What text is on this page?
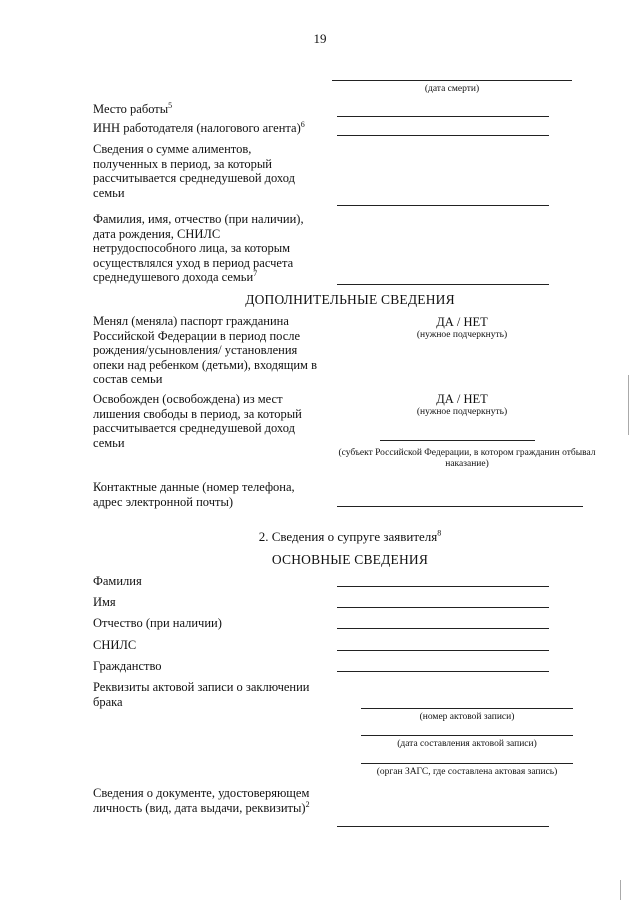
19
(дата смерти)
Место работы$^5$
ИНН работодателя (налогового агента)$^6$
Сведения о сумме алиментов, полученных в период, за который рассчитывается среднедушевой доход семьи
Фамилия, имя, отчество (при наличии), дата рождения, СНИЛС нетрудоспособного лица, за которым осуществлялся уход в период расчета среднедушевого дохода семьи$^7$
ДОПОЛНИТЕЛЬНЫЕ СВЕДЕНИЯ
Менял (меняла) паспорт гражданина Российской Федерации в период после рождения/усыновления/ установления опеки над ребенком (детьми), входящим в состав семьи
ДА / НЕТ
(нужное подчеркнуть)
Освобожден (освобождена) из мест лишения свободы в период, за который рассчитывается среднедушевой доход семьи
ДА / НЕТ
(нужное подчеркнуть)
(субъект Российской Федерации, в котором гражданин отбывал наказание)
Контактные данные (номер телефона, адрес электронной почты)
2. Сведения о супруге заявителя$^8$
ОСНОВНЫЕ СВЕДЕНИЯ
Фамилия
Имя
Отчество (при наличии)
СНИЛС
Гражданство
Реквизиты актовой записи о заключении брака
(номер актовой записи)
(дата составления актовой записи)
(орган ЗАГС, где составлена актовая запись)
Сведения о документе, удостоверяющем личность (вид, дата выдачи, реквизиты)$^2$
